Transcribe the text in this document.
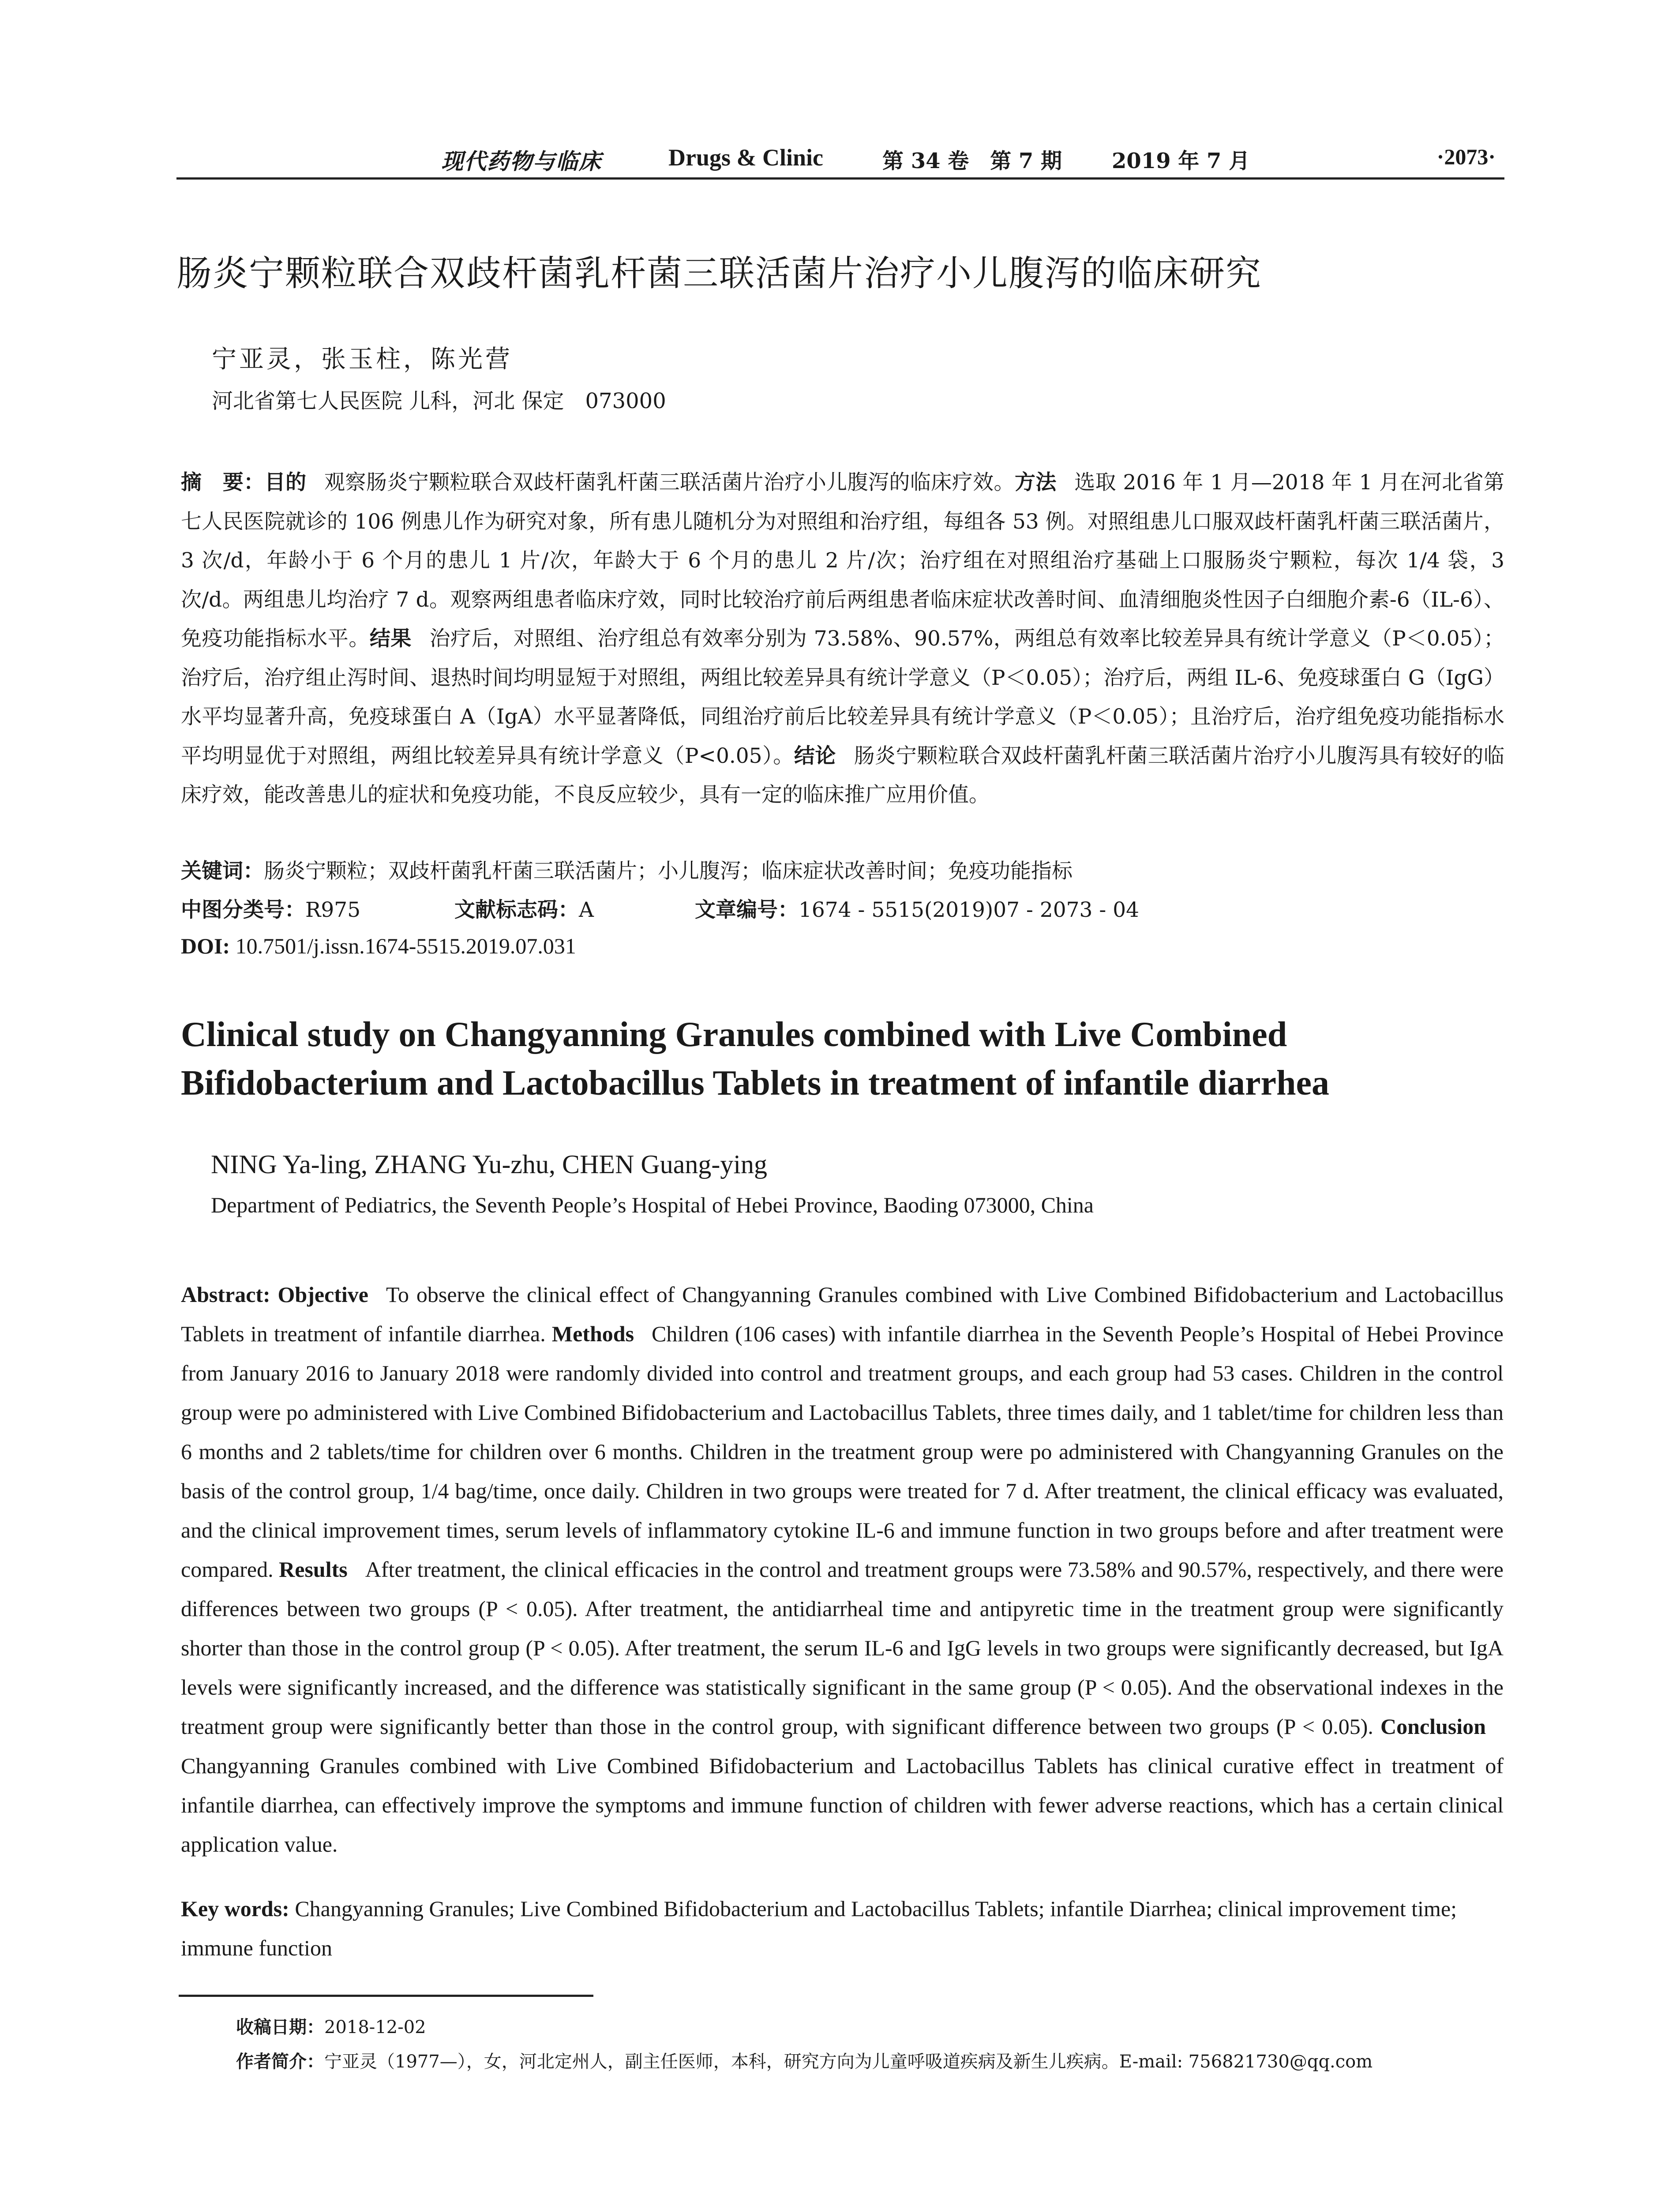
现代药物与临床	Drugs & Clinic	第 34 卷　第 7 期 2019 年 7 月	·2073·
肠炎宁颗粒联合双歧杆菌乳杆菌三联活菌片治疗小儿腹泻的临床研究
宁亚灵，张玉柱，陈光营
河北省第七人民医院 儿科，河北 保定　073000
摘　要：目的 观察肠炎宁颗粒联合双歧杆菌乳杆菌三联活菌片治疗小儿腹泻的临床疗效。方法 选取 2016 年 1 月—2018 年 1 月在河北省第七人民医院就诊的 106 例患儿作为研究对象，所有患儿随机分为对照组和治疗组，每组各 53 例。对照组患儿口服双歧杆菌乳杆菌三联活菌片，3 次/d，年龄小于 6 个月的患儿 1 片/次，年龄大于 6 个月的患儿 2 片/次；治疗组在对照组治疗基础上口服肠炎宁颗粒，每次 1/4 袋，3 次/d。两组患儿均治疗 7 d。观察两组患者临床疗效，同时比较治疗前后两组患者临床症状改善时间、血清细胞炎性因子白细胞介素-6（IL-6）、免疫功能指标水平。结果 治疗后，对照组、治疗组总有效率分别为 73.58%、90.57%，两组总有效率比较差异具有统计学意义（P＜0.05）；治疗后，治疗组止泻时间、退热时间均明显短于对照组，两组比较差异具有统计学意义（P＜0.05）；治疗后，两组 IL-6、免疫球蛋白 G（IgG）水平均显著升高，免疫球蛋白 A（IgA）水平显著降低，同组治疗前后比较差异具有统计学意义（P＜0.05）；且治疗后，治疗组免疫功能指标水平均明显优于对照组，两组比较差异具有统计学意义（P<0.05）。结论 肠炎宁颗粒联合双歧杆菌乳杆菌三联活菌片治疗小儿腹泻具有较好的临床疗效，能改善患儿的症状和免疫功能，不良反应较少，具有一定的临床推广应用价值。
关键词：肠炎宁颗粒；双歧杆菌乳杆菌三联活菌片；小儿腹泻；临床症状改善时间；免疫功能指标
中图分类号：R975	文献标志码：A	文章编号：1674 - 5515(2019)07 - 2073 - 04
DOI: 10.7501/j.issn.1674-5515.2019.07.031
Clinical study on Changyanning Granules combined with Live Combined
Bifidobacterium and Lactobacillus Tablets in treatment of infantile diarrhea
NING Ya-ling, ZHANG Yu-zhu, CHEN Guang-ying
Department of Pediatrics, the Seventh People’s Hospital of Hebei Province, Baoding 073000, China
Abstract: Objective To observe the clinical effect of Changyanning Granules combined with Live Combined Bifidobacterium and Lactobacillus Tablets in treatment of infantile diarrhea. Methods Children (106 cases) with infantile diarrhea in the Seventh People’s Hospital of Hebei Province from January 2016 to January 2018 were randomly divided into control and treatment groups, and each group had 53 cases. Children in the control group were po administered with Live Combined Bifidobacterium and Lactobacillus Tablets, three times daily, and 1 tablet/time for children less than 6 months and 2 tablets/time for children over 6 months. Children in the treatment group were po administered with Changyanning Granules on the basis of the control group, 1/4 bag/time, once daily. Children in two groups were treated for 7 d. After treatment, the clinical efficacy was evaluated, and the clinical improvement times, serum levels of inflammatory cytokine IL-6 and immune function in two groups before and after treatment were compared. Results After treatment, the clinical efficacies in the control and treatment groups were 73.58% and 90.57%, respectively, and there were differences between two groups (P < 0.05). After treatment, the antidiarrheal time and antipyretic time in the treatment group were significantly shorter than those in the control group (P < 0.05). After treatment, the serum IL-6 and IgG levels in two groups were significantly decreased, but IgA levels were significantly increased, and the difference was statistically significant in the same group (P < 0.05). And the observational indexes in the treatment group were significantly better than those in the control group, with significant difference between two groups (P < 0.05). ConclusionChangyanning Granules combined with Live Combined Bifidobacterium and Lactobacillus Tablets has clinical curative effect in treatment of infantile diarrhea, can effectively improve the symptoms and immune function of children with fewer adverse reactions, which has a certain clinical application value.
Key words: Changyanning Granules; Live Combined Bifidobacterium and Lactobacillus Tablets; infantile Diarrhea; clinical improvement time; immune function
收稿日期：2018-12-02
作者简介：宁亚灵（1977—），女，河北定州人，副主任医师，本科，研究方向为儿童呼吸道疾病及新生儿疾病。E-mail: 756821730@qq.com
